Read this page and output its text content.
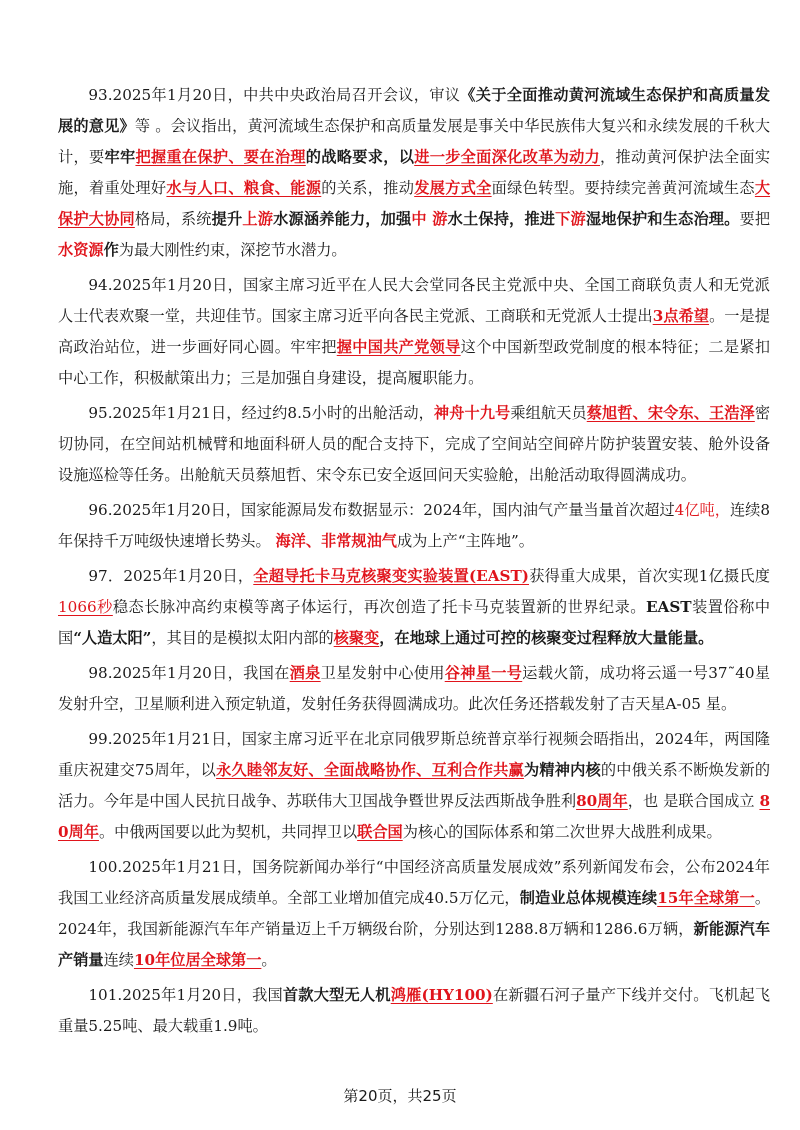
93.2025年1月20日，中共中央政治局召开会议，审议《关于全面推动黄河流域生态保护和高质量发展的意见》等 。会议指出，黄河流域生态保护和高质量发展是事关中华民族伟大复兴和永续发展的千秋大计，要牢牢把握重在保护、要在治理的战略要求，以进一步全面深化改革为动力，推动黄河保护法全面实施，着重处理好水与人口、粮食、能源的关系，推动发展方式全面绿色转型。要持续完善黄河流域生态大保护大协同格局，系统提升上游水源涵养能力，加强中 游水土保持，推进下游湿地保护和生态治理。要把水资源作为最大刚性约束，深挖节水潜力。

94.2025年1月20日，国家主席习近平在人民大会堂同各民主党派中央、全国工商联负责人和无党派人士代表欢聚一堂，共迎佳节。国家主席习近平向各民主党派、工商联和无党派人士提出3点希望。一是提高政治站位，进一步画好同心圆。牢牢把握中国共产党领导这个中国新型政党制度的根本特征；二是紧扣中心工作，积极献策出力；三是加强自身建设，提高履职能力。

95.2025年1月21日，经过约8.5小时的出舱活动，神舟十九号乘组航天员蔡旭哲、宋令东、王浩泽密切协同，在空间站机械臂和地面科研人员的配合支持下，完成了空间站空间碎片防护装置安装、舱外设备设施巡检等任务。出舱航天员蔡旭哲、宋令东已安全返回问天实验舱，出舱活动取得圆满成功。

96.2025年1月20日，国家能源局发布数据显示：2024年，国内油气产量当量首次超过4亿吨，连续8年保持千万吨级快速增长势头。 海洋、非常规油气成为上产“主阵地”。

97．2025年1月20日，全超导托卡马克核聚变实验装置(EAST)获得重大成果，首次实现1亿摄氏度1066秒稳态长脉冲高约束模等离子体运行，再次创造了托卡马克装置新的世界纪录。EAST装置俗称中国“人造太阳”，其目的是模拟太阳内部的核聚变，在地球上通过可控的核聚变过程释放大量能量。

98.2025年1月20日，我国在酒泉卫星发射中心使用谷神星一号运载火箭，成功将云遥一号37˜40星发射升空，卫星顺利进入预定轨道，发射任务获得圆满成功。此次任务还搭载发射了吉天星A-05 星。

99.2025年1月21日，国家主席习近平在北京同俄罗斯总统普京举行视频会晤指出，2024年，两国隆重庆祝建交75周年，以永久睦邻友好、全面战略协作、互利合作共赢为精神内核的中俄关系不断焕发新的活力。今年是中国人民抗日战争、苏联伟大卫国战争暨世界反法西斯战争胜利80周年，也 是联合国成立 80周年。中俄两国要以此为契机，共同捍卫以联合国为核心的国际体系和第二次世界大战胜利成果。

100.2025年1月21日，国务院新闻办举行“中国经济高质量发展成效”系列新闻发布会，公布2024年我国工业经济高质量发展成绩单。全部工业增加值完成40.5万亿元，制造业总体规模连续15年全球第一。2024年，我国新能源汽车年产销量迈上千万辆级台阶，分别达到1288.8万辆和1286.6万辆，新能源汽车产销量连续10年位居全球第一。

101.2025年1月20日，我国首款大型无人机鸿雁(HY100)在新疆石河子量产下线并交付。飞机起飞重量5.25吨、最大载重1.9吨。

第20页，共25页
